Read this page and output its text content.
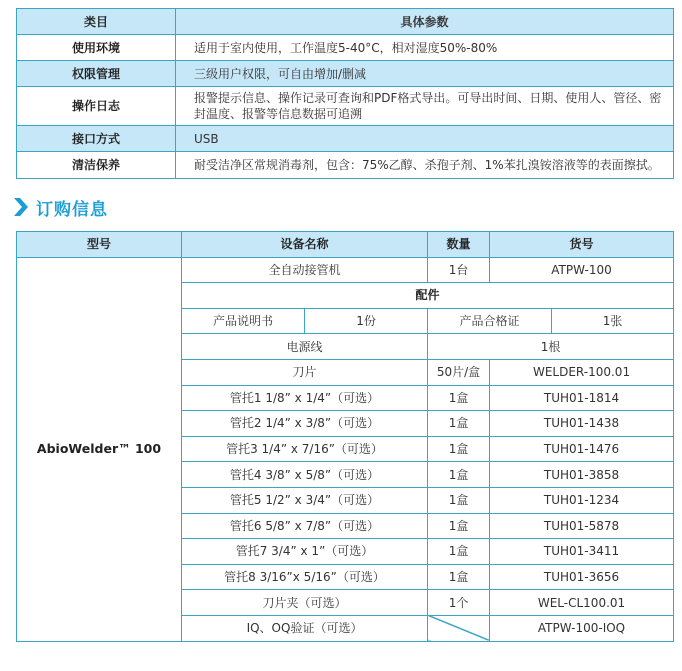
类目	具体参数
使用环境	适用于室内使用，工作温度5-40°C，相对湿度50%-80%
权限管理	三级用户权限，可自由增加/删减
操作日志	报警提示信息、操作记录可查询和PDF格式导出。可导出时间、日期、使用人、管径、密封温度、报警等信息数据可追溯
接口方式	USB
清洁保养	耐受洁净区常规消毒剂，包含：75%乙醇、杀孢子剂、1%苯扎溴铵溶液等的表面擦拭。
订购信息
型号	设备名称		数量	货号	
AbioWelder™ 100	全自动接管机		1台	ATPW-100	
	配件				
	产品说明书	1份	产品合格证		1张
	电源线		1根		
	刀片		50片/盒	WELDER-100.01	
	管托1 1/8” x 1/4”（可选）		1盒	TUH01-1814	
	管托2 1/4” x 3/8”（可选）		1盒	TUH01-1438	
	管托3 1/4” x 7/16”（可选）		1盒	TUH01-1476	
	管托4 3/8” x 5/8”（可选）		1盒	TUH01-3858	
	管托5 1/2” x 3/4”（可选）		1盒	TUH01-1234	
	管托6 5/8” x 7/8”（可选）		1盒	TUH01-5878	
	管托7 3/4” x 1”（可选）		1盒	TUH01-3411	
	管托8 3/16”x 5/16”（可选）		1盒	TUH01-3656	
	刀片夹（可选）		1个	WEL-CL100.01	
	IQ、OQ验证（可选）			ATPW-100-IOQ	
